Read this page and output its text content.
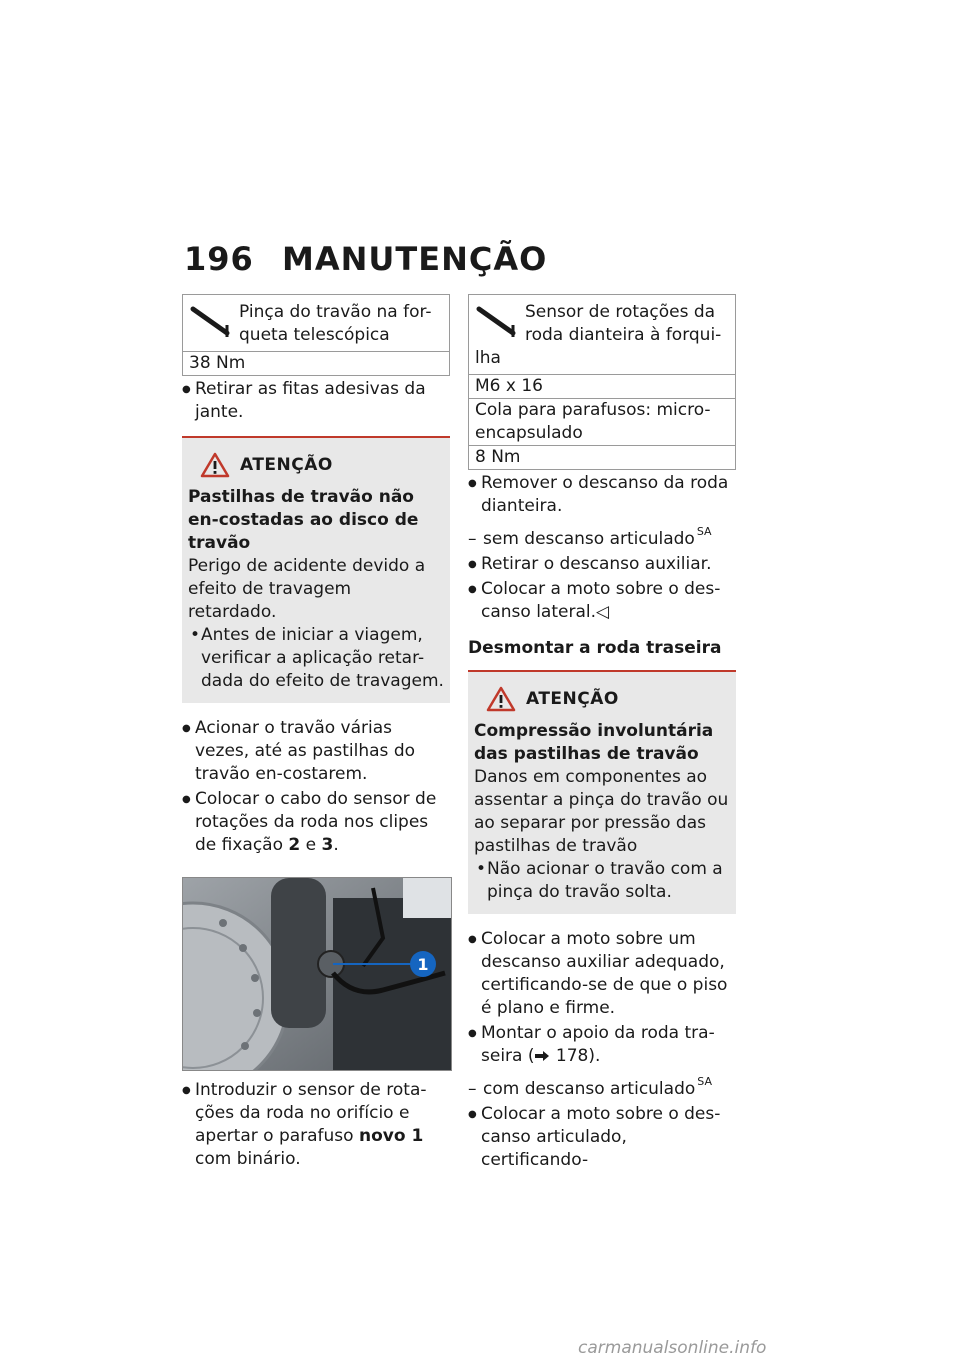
196 MANUTENÇÃO
Pinça do travão na for-queta telescópica
38 Nm

● Retirar as fitas adesivas da jante.

ATENÇÃO
Pastilhas de travão não en-costadas ao disco de travão
Perigo de acidente devido a efeito de travagem retardado.
• Antes de iniciar a viagem, verificar a aplicação retar-dada do efeito de travagem.

● Acionar o travão várias vezes, até as pastilhas do travão en-costarem.

● Colocar o cabo do sensor de rotações da roda nos clipes de fixação 2 e 3.

1

● Introduzir o sensor de rota-ções da roda no orifício e apertar o parafuso novo 1 com binário.

Sensor de rotações da roda dianteira à forqui-lha
M6 x 16
Cola para parafusos: micro-encapsulado
8 Nm

● Remover o descanso da roda dianteira.

– sem descanso articulado $^{SA}$

● Retirar o descanso auxiliar.

● Colocar a moto sobre o des-canso lateral.◁

Desmontar a roda traseira
ATENÇÃO
Compressão involuntária das pastilhas de travão
Danos em componentes ao assentar a pinça do travão ou ao separar por pressão das pastilhas de travão
• Não acionar o travão com a pinça do travão solta.

● Colocar a moto sobre um descanso auxiliar adequado, certificando-se de que o piso é plano e firme.

● Montar o apoio da roda tra-seira ( 178).

– com descanso articulado $^{SA}$

● Colocar a moto sobre o des-canso articulado, certificando-

carmanualsonline.info
